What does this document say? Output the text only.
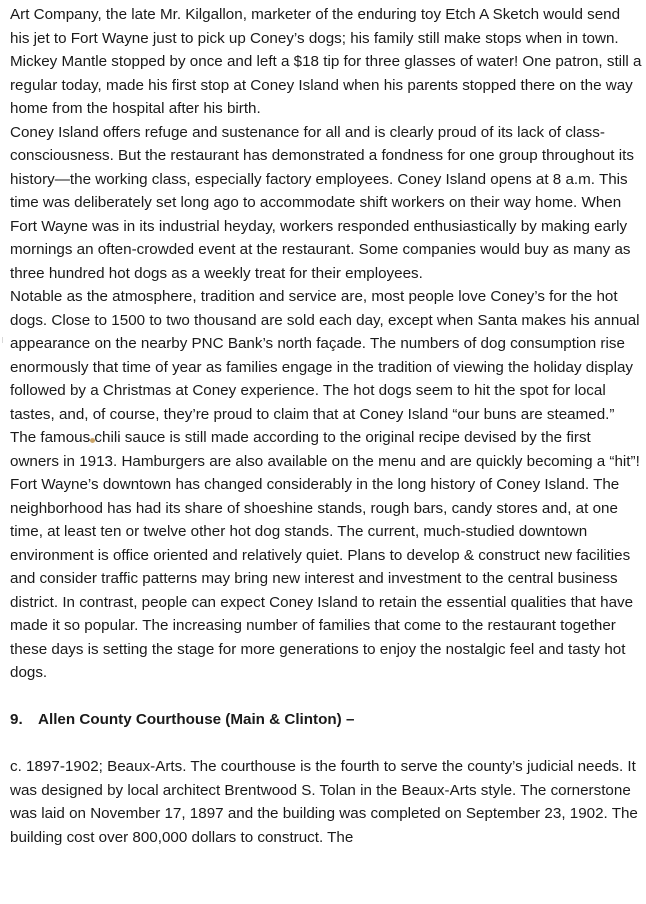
Art Company, the late Mr. Kilgallon, marketer of the enduring toy Etch A Sketch would send his jet to Fort Wayne just to pick up Coney’s dogs; his family still make stops when in town. Mickey Mantle stopped by once and left a $18 tip for three glasses of water! One patron, still a regular today, made his first stop at Coney Island when his parents stopped there on the way home from the hospital after his birth.

Coney Island offers refuge and sustenance for all and is clearly proud of its lack of class-consciousness. But the restaurant has demonstrated a fondness for one group throughout its history—the working class, especially factory employees. Coney Island opens at 8 a.m. This time was deliberately set long ago to accommodate shift workers on their way home. When Fort Wayne was in its industrial heyday, workers responded enthusiastically by making early mornings an often-crowded event at the restaurant. Some companies would buy as many as three hundred hot dogs as a weekly treat for their employees.

Notable as the atmosphere, tradition and service are, most people love Coney’s for the hot dogs. Close to 1500 to two thousand are sold each day, except when Santa makes his annual appearance on the nearby PNC Bank’s north façade. The numbers of dog consumption rise enormously that time of year as families engage in the tradition of viewing the holiday display followed by a Christmas at Coney experience. The hot dogs seem to hit the spot for local tastes, and, of course, they’re proud to claim that at Coney Island “our buns are steamed.” The famous chili sauce is still made according to the original recipe devised by the first owners in 1913. Hamburgers are also available on the menu and are quickly becoming a “hit”!

Fort Wayne’s downtown has changed considerably in the long history of Coney Island. The neighborhood has had its share of shoeshine stands, rough bars, candy stores and, at one time, at least ten or twelve other hot dog stands. The current, much-studied downtown environment is office oriented and relatively quiet. Plans to develop & construct new facilities and consider traffic patterns may bring new interest and investment to the central business district. In contrast, people can expect Coney Island to retain the essential qualities that have made it so popular. The increasing number of families that come to the restaurant together these days is setting the stage for more generations to enjoy the nostalgic feel and tasty hot dogs.

9.	Allen County Courthouse (Main & Clinton) –

c. 1897-1902; Beaux-Arts. The courthouse is the fourth to serve the county’s judicial needs. It was designed by local architect Brentwood S. Tolan in the Beaux-Arts style. The cornerstone was laid on November 17, 1897 and the building was completed on September 23, 1902. The building cost over 800,000 dollars to construct. The
